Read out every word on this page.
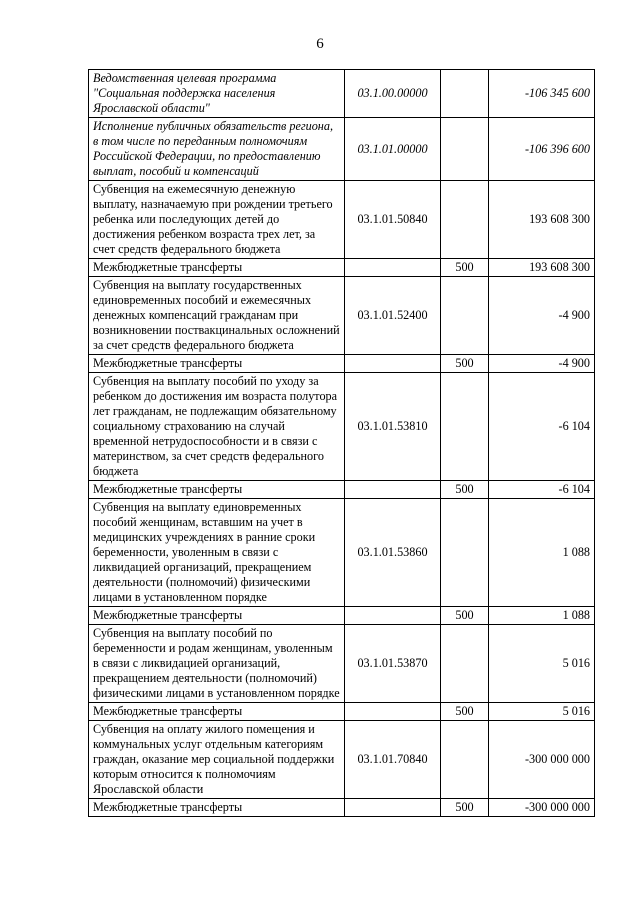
6
Ведомственная целевая программа "Социальная поддержка населения Ярославской области"	03.1.00.00000		-106 345 600
Исполнение публичных обязательств региона, в том числе по переданным полномочиям Российской Федерации, по предоставлению выплат, пособий и компенсаций	03.1.01.00000		-106 396 600
Субвенция на ежемесячную денежную выплату, назначаемую при рождении третьего ребенка или последующих детей до достижения ребенком возраста трех лет, за счет средств федерального бюджета	03.1.01.50840		193 608 300
Межбюджетные трансферты		500	193 608 300
Субвенция на выплату государственных единовременных пособий и ежемесячных денежных компенсаций гражданам при возникновении поствакцинальных осложнений за счет средств федерального бюджета	03.1.01.52400		-4 900
Межбюджетные трансферты		500	-4 900
Субвенция на выплату пособий по уходу за ребенком до достижения им возраста полутора лет гражданам, не подлежащим обязательному социальному страхованию на случай временной нетрудоспособности и в связи с материнством, за счет средств федерального бюджета	03.1.01.53810		-6 104
Межбюджетные трансферты		500	-6 104
Субвенция на выплату единовременных пособий женщинам, вставшим на учет в медицинских учреждениях в ранние сроки беременности, уволенным в связи с ликвидацией организаций, прекращением деятельности (полномочий) физическими лицами в установленном порядке	03.1.01.53860		1 088
Межбюджетные трансферты		500	1 088
Субвенция на выплату пособий по беременности и родам женщинам, уволенным в связи с ликвидацией организаций, прекращением деятельности (полномочий) физическими лицами в установленном порядке	03.1.01.53870		5 016
Межбюджетные трансферты		500	5 016
Субвенция на оплату жилого помещения и коммунальных услуг отдельным категориям граждан, оказание мер социальной поддержки которым относится к полномочиям Ярославской области	03.1.01.70840		-300 000 000
Межбюджетные трансферты		500	-300 000 000
